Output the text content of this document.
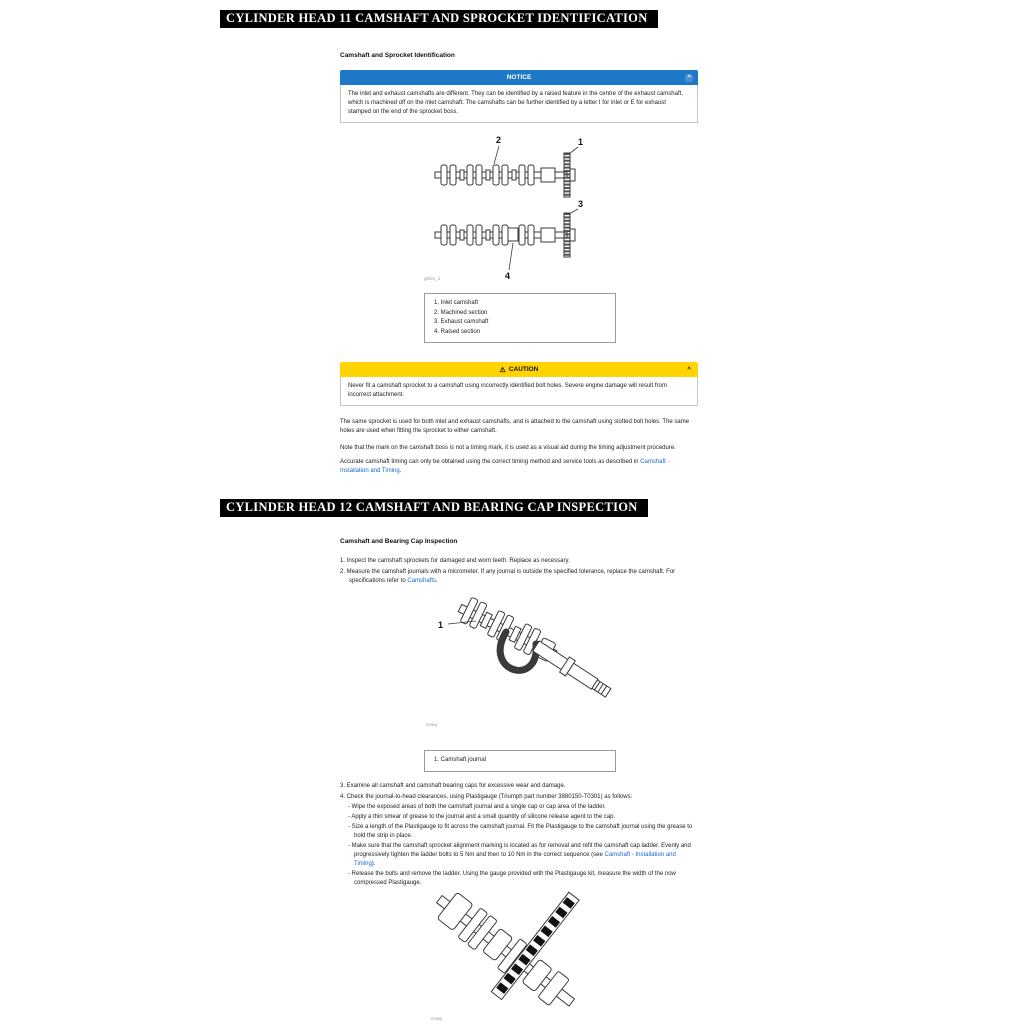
CYLINDER HEAD 11 CAMSHAFT AND SPROCKET IDENTIFICATION
Camshaft and Sprocket Identification
NOTICE	^
The inlet and exhaust camshafts are different. They can be identified by a raised feature in the centre of the exhaust camshaft, which is machined off on the inlet camshaft. The camshafts can be further identified by a letter I for inlet or E for exhaust stamped on the end of the sprocket boss.
1
2
3
4
gbhm_1
1. Inlet camshaft
2. Machined section
3. Exhaust camshaft
4. Raised section
⚠ CAUTION	^
Never fit a camshaft sprocket to a camshaft using incorrectly identified bolt holes. Severe engine damage will result from incorrect attachment.
The same sprocket is used for both inlet and exhaust camshafts, and is attached to the camshaft using slotted bolt holes. The same holes are used when fitting the sprocket to either camshaft.
Note that the mark on the camshaft boss is not a timing mark, it is used as a visual aid during the timing adjustment procedure.
Accurate camshaft timing can only be obtained using the correct timing method and service tools as described in Camshaft - Installation and Timing.
CYLINDER HEAD 12 CAMSHAFT AND BEARING CAP INSPECTION
Camshaft and Bearing Cap Inspection
1. Inspect the camshaft sprockets for damaged and worn teeth. Replace as necessary.
2. Measure the camshaft journals with a micrometer. If any journal is outside the specified tolerance, replace the camshaft. For specifications refer to Camshafts.
1
cmeq
1. Camshaft journal
3. Examine all camshaft and camshaft bearing caps for excessive wear and damage.
4. Check the journal-to-head clearances, using Plastigauge (Triumph part number 3880150-T0301) as follows:
- Wipe the exposed areas of both the camshaft journal and a single cap or cap area of the ladder.
- Apply a thin smear of grease to the journal and a small quantity of silicone release agent to the cap.
- Size a length of the Plastigauge to fit across the camshaft journal. Fit the Plastigauge to the camshaft journal using the grease to hold the strip in place.
- Make sure that the camshaft sprocket alignment marking is located as for removal and refit the camshaft cap ladder. Evenly and progressively tighten the ladder bolts to 5 Nm and then to 10 Nm in the correct sequence (see Camshaft - Installation and Timing).
- Release the bolts and remove the ladder. Using the gauge provided with the Plastigauge kit, measure the width of the now compressed Plastigauge.
cmeq
